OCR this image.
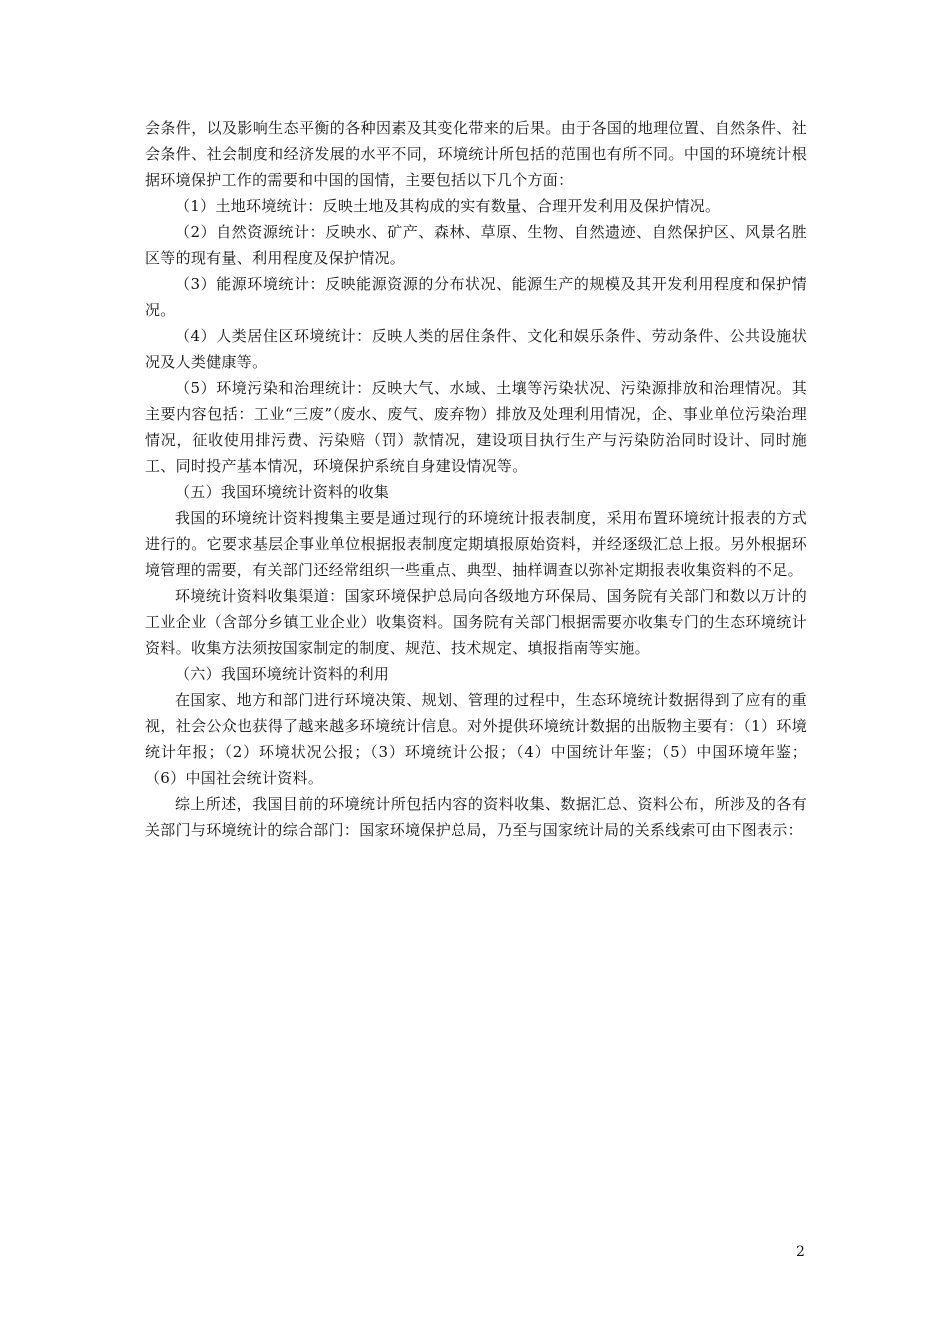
会条件，以及影响生态平衡的各种因素及其变化带来的后果。由于各国的地理位置、自然条件、社会条件、社会制度和经济发展的水平不同，环境统计所包括的范围也有所不同。中国的环境统计根据环境保护工作的需要和中国的国情，主要包括以下几个方面：

（1）土地环境统计：反映土地及其构成的实有数量、合理开发利用及保护情况。

（2）自然资源统计：反映水、矿产、森林、草原、生物、自然遗迹、自然保护区、风景名胜区等的现有量、利用程度及保护情况。

（3）能源环境统计：反映能源资源的分布状况、能源生产的规模及其开发利用程度和保护情况。

（4）人类居住区环境统计：反映人类的居住条件、文化和娱乐条件、劳动条件、公共设施状况及人类健康等。

（5）环境污染和治理统计：反映大气、水域、土壤等污染状况、污染源排放和治理情况。其主要内容包括：工业“三废”（废水、废气、废弃物）排放及处理利用情况，企、事业单位污染治理情况，征收使用排污费、污染赔（罚）款情况，建设项目执行生产与污染防治同时设计、同时施工、同时投产基本情况，环境保护系统自身建设情况等。

（五）我国环境统计资料的收集

我国的环境统计资料搜集主要是通过现行的环境统计报表制度，采用布置环境统计报表的方式进行的。它要求基层企事业单位根据报表制度定期填报原始资料，并经逐级汇总上报。另外根据环境管理的需要，有关部门还经常组织一些重点、典型、抽样调查以弥补定期报表收集资料的不足。

环境统计资料收集渠道：国家环境保护总局向各级地方环保局、国务院有关部门和数以万计的工业企业（含部分乡镇工业企业）收集资料。国务院有关部门根据需要亦收集专门的生态环境统计资料。收集方法须按国家制定的制度、规范、技术规定、填报指南等实施。

（六）我国环境统计资料的利用

在国家、地方和部门进行环境决策、规划、管理的过程中，生态环境统计数据得到了应有的重视，社会公众也获得了越来越多环境统计信息。对外提供环境统计数据的出版物主要有：（1）环境统计年报；（2）环境状况公报；（3）环境统计公报；（4）中国统计年鉴；（5）中国环境年鉴；（6）中国社会统计资料。

综上所述，我国目前的环境统计所包括内容的资料收集、数据汇总、资料公布，所涉及的各有关部门与环境统计的综合部门：国家环境保护总局，乃至与国家统计局的关系线索可由下图表示：

2
